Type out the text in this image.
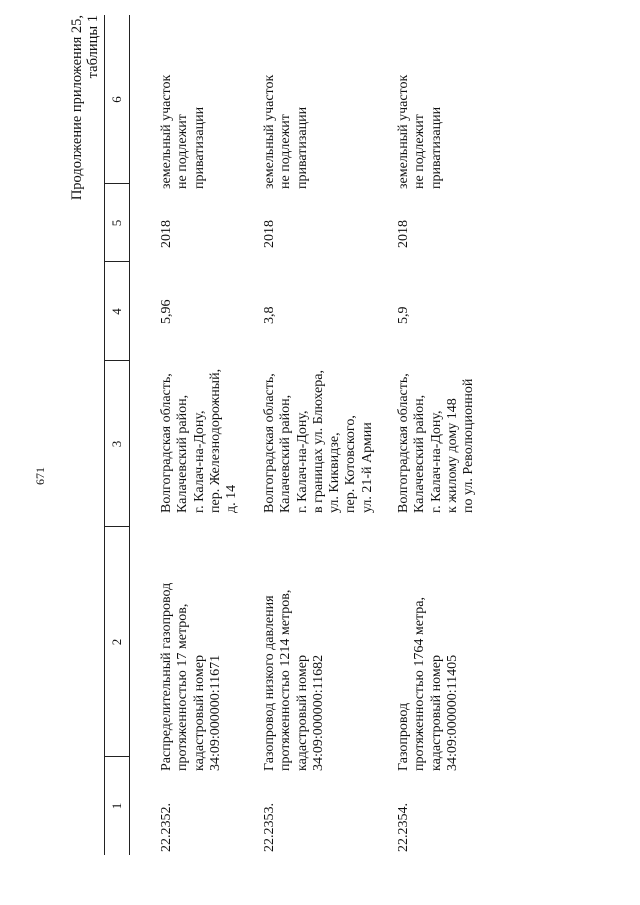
671
Продолжение приложения 25, таблицы 1
1
2
3
4
5
6
22.2352.
Распределительный газопровод протяженностью 17 метров, кадастровый номер 34:09:000000:11671
Волгоградская область, Калачевский район, г. Калач-на-Дону, пер. Железнодорожный, д. 14
5,96
2018
земельный участок не подлежит приватизации
22.2353.
Газопровод низкого давления протяженностью 1214 метров, кадастровый номер 34:09:000000:11682
Волгоградская область, Калачевский район, г. Калач-на-Дону, в границах ул. Блюхера, ул. Киквидзе, пер. Котовского, ул. 21-й Армии
3,8
2018
земельный участок не подлежит приватизации
22.2354.
Газопровод протяженностью 1764 метра, кадастровый номер 34:09:000000:11405
Волгоградская область, Калачевский район, г. Калач-на-Дону, к жилому дому 148 по ул. Революционной
5,9
2018
земельный участок не подлежит приватизации
